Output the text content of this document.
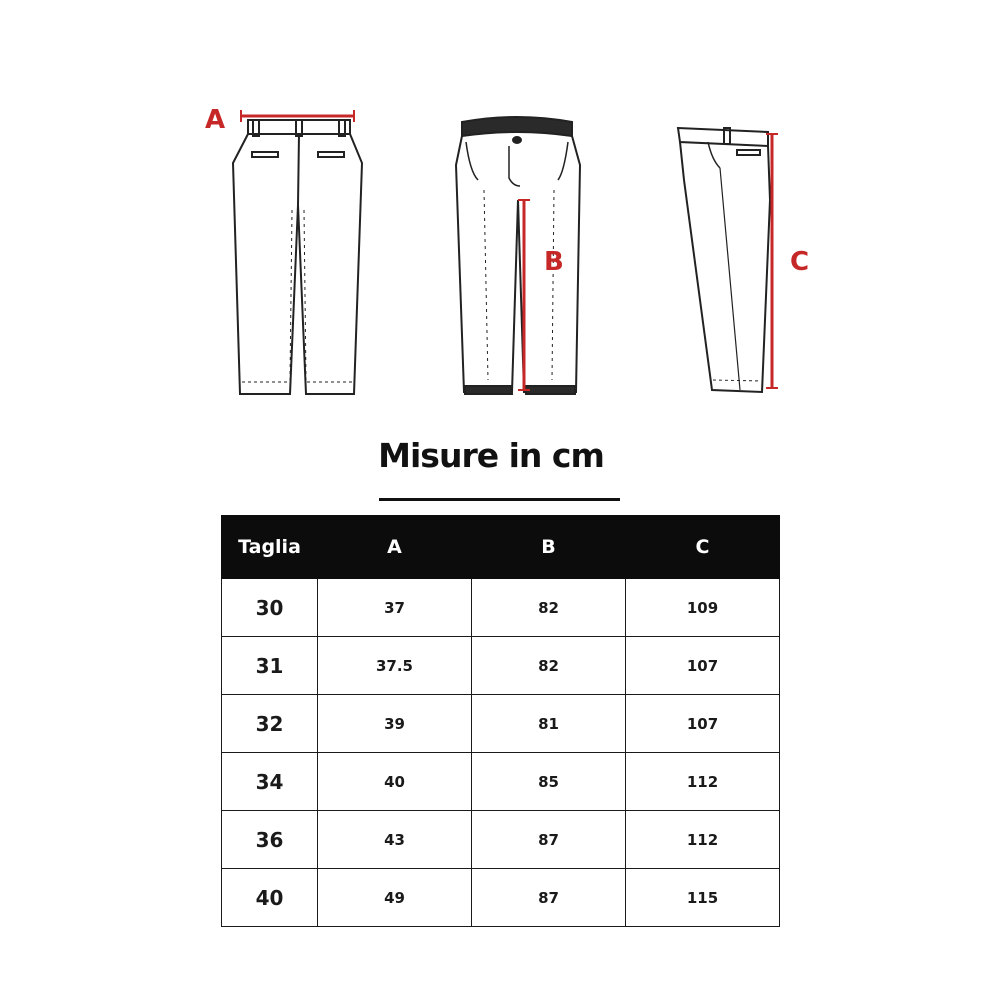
A
B	C
Misure in cm
Taglia	A	B	C
30	37	82	109
31	37.5	82	107
32	39	81	107
34	40	85	112
36	43	87	112
40	49	87	115
